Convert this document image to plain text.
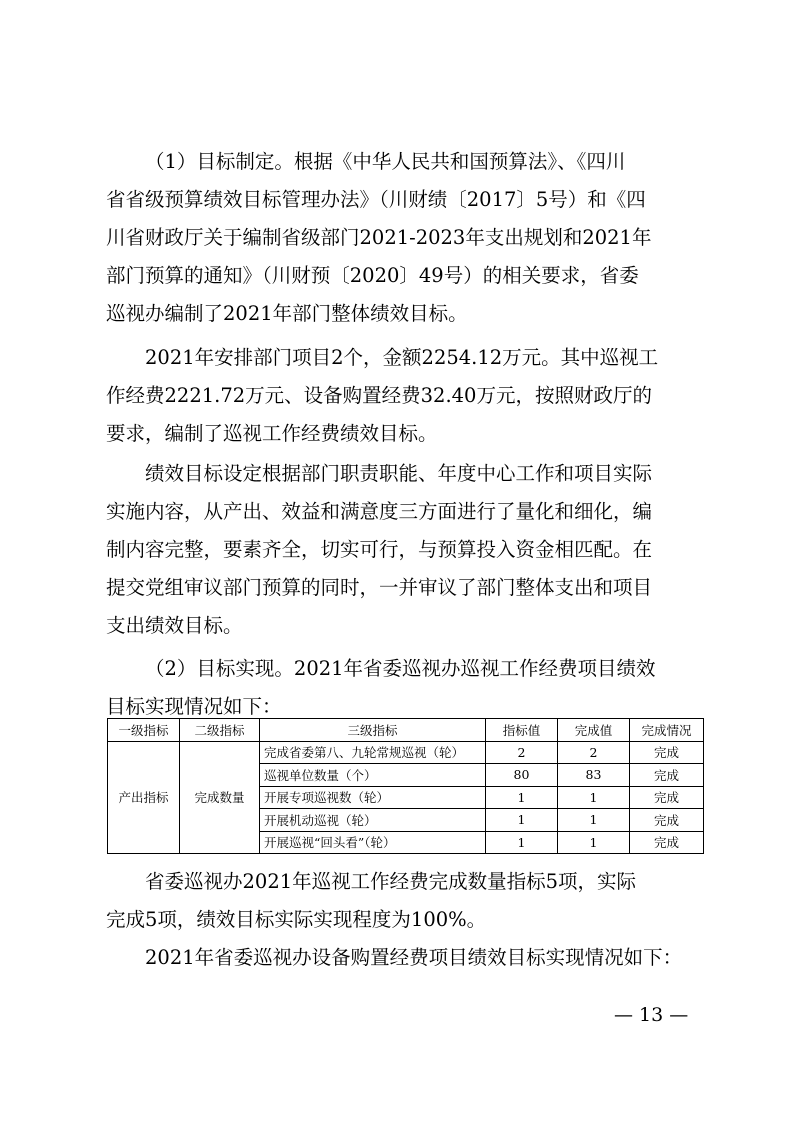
（1）目标制定。根据《中华人民共和国预算法》、《四川
省省级预算绩效目标管理办法》（川财绩〔2017〕5号）和《四
川省财政厅关于编制省级部门2021-2023年支出规划和2021年
部门预算的通知》（川财预〔2020〕49号）的相关要求，省委
巡视办编制了2021年部门整体绩效目标。
2021年安排部门项目2个，金额2254.12万元。其中巡视工
作经费2221.72万元、设备购置经费32.40万元，按照财政厅的
要求，编制了巡视工作经费绩效目标。
绩效目标设定根据部门职责职能、年度中心工作和项目实际
实施内容，从产出、效益和满意度三方面进行了量化和细化，编
制内容完整，要素齐全，切实可行，与预算投入资金相匹配。在
提交党组审议部门预算的同时，一并审议了部门整体支出和项目
支出绩效目标。
（2）目标实现。2021年省委巡视办巡视工作经费项目绩效
目标实现情况如下：
一级指标	二级指标	三级指标	指标值	完成值	完成情况
产出指标	完成数量	完成省委第八、九轮常规巡视（轮）	2	2	完成
		巡视单位数量（个）	80	83	完成
		开展专项巡视数（轮）	1	1	完成
		开展机动巡视（轮）	1	1	完成
		开展巡视“回头看”（轮）	1	1	完成
省委巡视办2021年巡视工作经费完成数量指标5项，实际
完成5项，绩效目标实际实现程度为100%。
2021年省委巡视办设备购置经费项目绩效目标实现情况如下：
— 13 —
